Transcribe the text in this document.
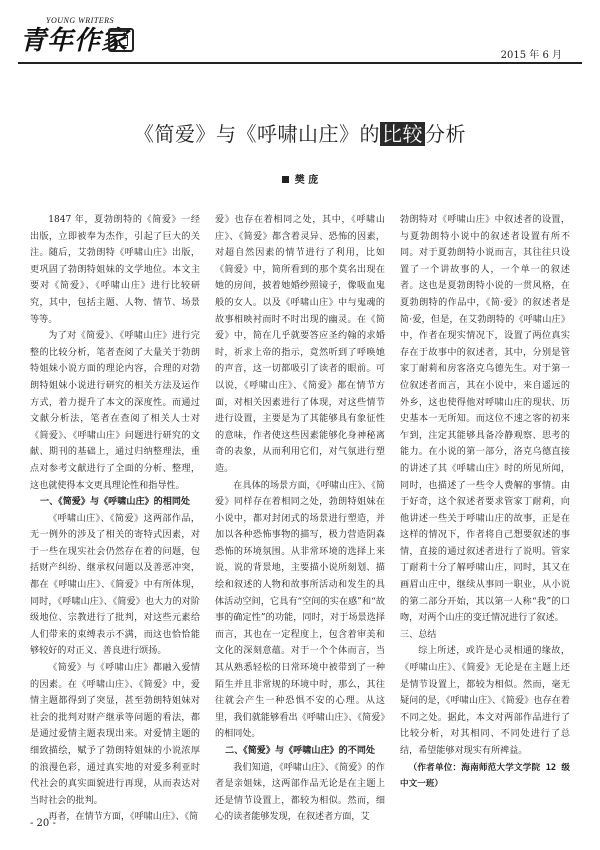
YOUNG WRITERS
青年作家	2015 年 6 月
《简爱》与《呼啸山庄》的 比较 分析
樊 庞

1847 年，夏勃朗特的《简爱》一经出版，立即被奉为杰作，引起了巨大的关注。随后，艾勃朗特《呼啸山庄》出版，更巩固了勃朗特姐妹的文学地位。本文主要对《简爱》、《呼啸山庄》进行比较研究，其中，包括主题、人物、情节、场景等等。

为了对《简爱》、《呼啸山庄》进行完整的比较分析，笔者查阅了大量关于勃朗特姐妹小说方面的理论内容，合理的对勃朗特姐妹小说进行研究的相关方法及运作方式，着力提升了本文的深度性。而通过文献分析法，笔者在查阅了相关人士对《简爱》、《呼啸山庄》问题进行研究的文献、期刊的基础上，通过归纳整理法，重点对参考文献进行了全面的分析、整理，这也就使得本文更具理论性和指导性。

一、《简爱》与《呼啸山庄》的相同处

《呼啸山庄》、《简爱》这两部作品，无一例外的涉及了相关的寄特式因素，对于一些在现实社会仍然存在着的问题，包括财产纠纷、继承权问题以及善恶冲突，都在《呼啸山庄》、《简爱》中有所体现，同时，《呼啸山庄》、《简爱》也大力的对阶级地位、宗教进行了批判，对这些元素给人们带来的束缚表示不满，而这也恰恰能够较好的对正义、善良进行颂扬。

《简爱》与《呼啸山庄》都融入爱情的因素。在《呼啸山庄》、《简爱》中，爱情主题都得到了突显，甚至勃朗特姐妹对社会的批判对财产继承等问题的看法，都是通过爱情主题表现出来。对爱情主题的细致描绘，赋予了勃朗特姐妹的小说浓厚的浪漫色彩，通过真实地的对爱多利亚时代社会的真实面貌进行再现，从而表达对当时社会的批判。

再者，在情节方面，《呼啸山庄》、《简

爱》也存在着相同之处，其中，《呼啸山庄》、《简爱》都含着灵异、恐怖的因素，对超自然因素的情节进行了利用，比如《简爱》中，简所看到的那个莫名出现在她的房间，披着她婚纱照镜子，像吸血鬼般的女人。以及《呼啸山庄》中与鬼魂的故事相映衬而时不时出现的幽灵。在《简爱》中，简在几乎就要答应圣约翰的求婚时，祈求上帝的指示，竟然听到了呼唤她的声音，这一切都吸引了读者的眼前。可以说，《呼啸山庄》、《简爱》都在情节方面，对相关因素进行了体现，对这些情节进行设置，主要是为了其能够具有象征性的意味，作者使这些因素能够化身神秘离奇的表象，从而利用它们，对气氛进行塑造。

在具体的场景方面，《呼啸山庄》、《简爱》同样存在着相同之处，勃朗特姐妹在小说中，都对封闭式的场景进行塑造，并加以各种恐怖事物的描写，极力营造阴森恐怖的环境氛围。从非常环境的选择上来说，说的背景地，主要描小说所刻划、描绘和叙述的人物和故事所活动和发生的具体活动空间，它具有“空间的实在感”和“故事的确定性”的功能，同时，对于场景选择而言，其也在一定程度上，包含着审美和文化的深刻意蕴。对于一个个体而言，当其从熟悉轻松的日常环境中被带到了一种陌生并且非常规的环境中时，那么，其往往就会产生一种恐惧不安的心理。从这里，我们就能够看出《呼啸山庄》、《简爱》的相同处。

二、《简爱》与《呼啸山庄》的不同处

我们知道，《呼啸山庄》、《简爱》的作者是亲姐妹，这两部作品无论是在主题上还是情节设置上，都较为相似。然而，细心的读者能够发现，在叙述者方面，艾

勃朗特对《呼啸山庄》中叙述者的设置，与夏勃朗特小说中的叙述者设置有所不同。对于夏勃朗特小说而言，其往往只设置了一个讲故事的人，一个单一的叙述者。这也是夏勃朗特小说的一贯风格，在夏勃朗特的作品中，《简·爱》的叙述者是简·爱，但是，在艾勃朗特的《呼啸山庄》中，作者在现实情况下，设置了两位真实存在于故事中的叙述者，其中，分别是管家丁耐莉和房客洛克乌德先生。对于第一位叙述者而言，其在小说中，来自遥远的外乡，这也使得他对呼啸山庄的现状、历史基本一无所知。而这位不速之客的初来乍到，注定其能够具备冷静观察、思考的能力。在小说的第一部分，洛克乌德直接的讲述了其《呼啸山庄》时的所见所闻，同时，也描述了一些令人费解的事情。由于好奇，这个叙述者要求管家丁耐莉，向他讲述一些关于呼啸山庄的故事，正是在这样的情况下，作者将自己想要叙述的事情，直接的通过叙述者进行了说明。管家丁耐莉十分了解呼啸山庄，同时，其又在画眉山庄中，继续从事同一职业，从小说的第二部分开始，其以第一人称“我”的口吻，对两个山庄的变迁情况进行了叙述。

三、总结

综上所述，或许是心灵相通的缘故，《呼啸山庄》、《简爱》无论是在主题上还是情节设置上，都较为相似。然而，毫无疑问的是，《呼啸山庄》、《简爱》也存在着不同之处。据此，本文对两部作品进行了比较分析，对其相同、不同处进行了总结，希望能够对现实有所裨益。

（作者单位：海南师范大学文学院 12 级中文一班）

- 20 -
